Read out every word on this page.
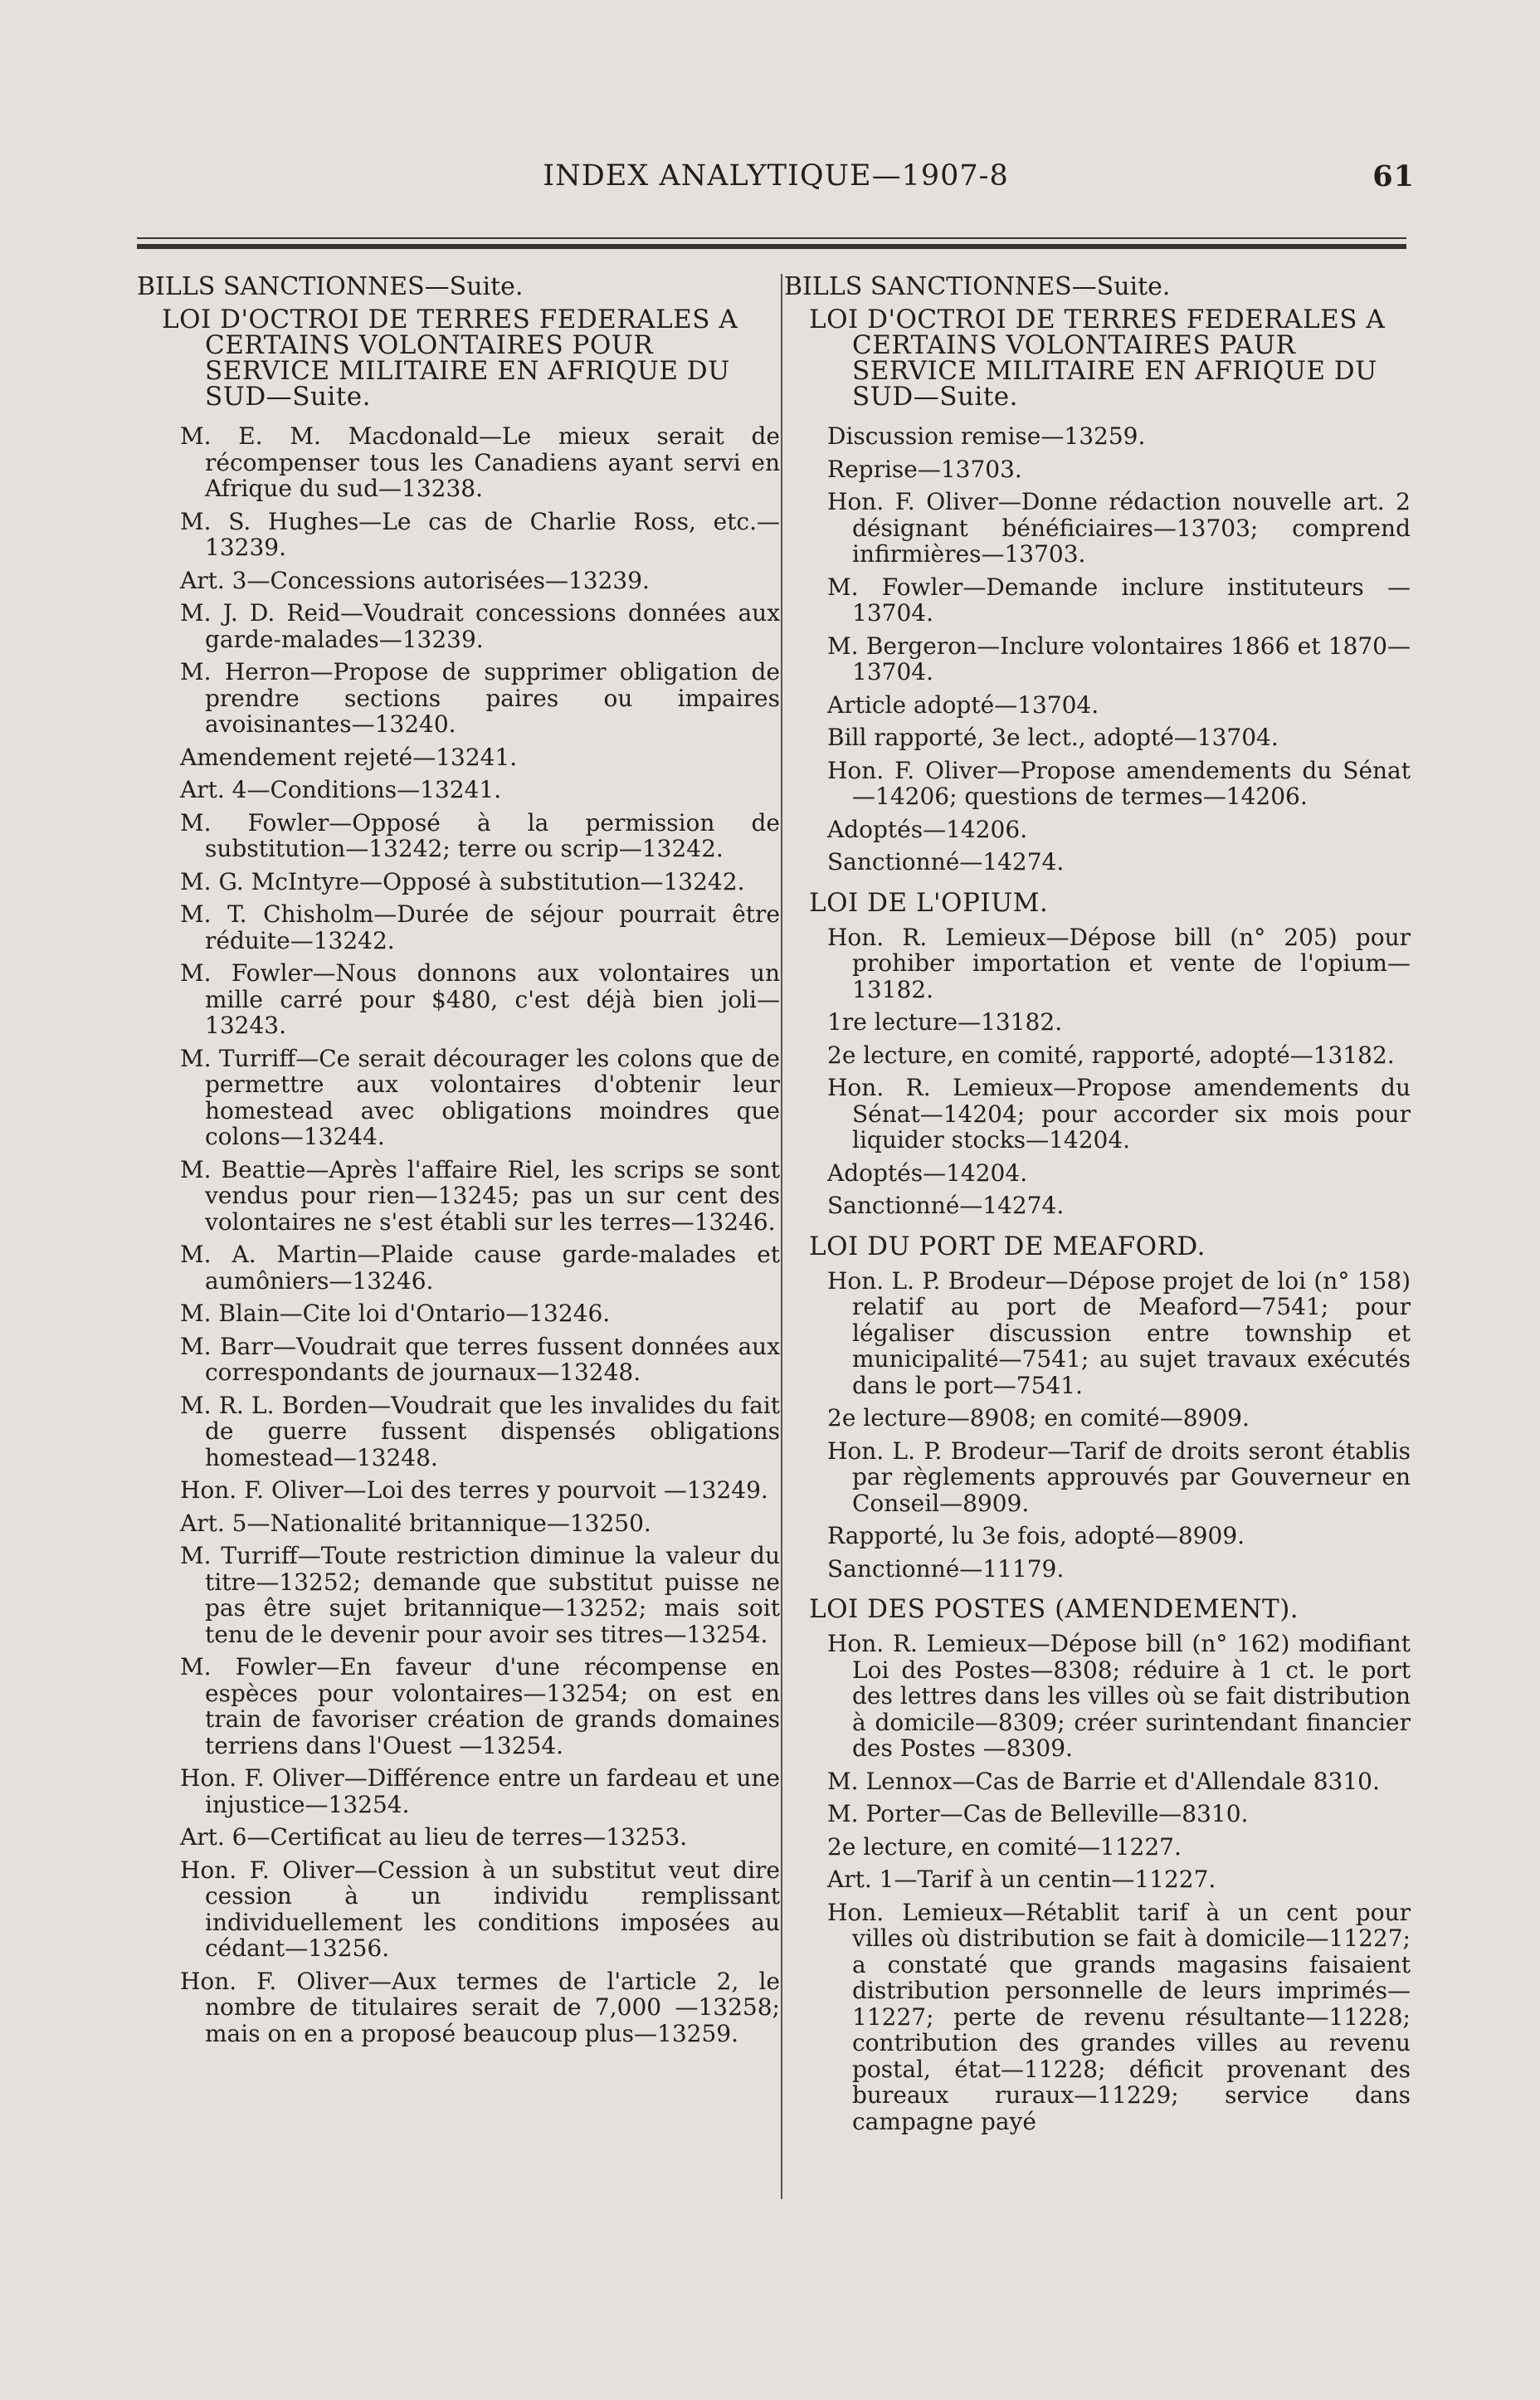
INDEX ANALYTIQUE—1907-8	61

BILLS SANCTIONNES—Suite.

LOI D'OCTROI DE TERRES FEDERALES A CERTAINS VOLONTAIRES POUR SERVICE MILITAIRE EN AFRIQUE DU SUD—Suite.

M. E. M. Macdonald—Le mieux serait de récompenser tous les Canadiens ayant servi en Afrique du sud—13238.
M. S. Hughes—Le cas de Charlie Ross, etc.—13239.
Art. 3—Concessions autorisées—13239.
M. J. D. Reid—Voudrait concessions données aux garde-malades—13239.
M. Herron—Propose de supprimer obligation de prendre sections paires ou impaires avoisinantes—13240.
Amendement rejeté—13241.
Art. 4—Conditions—13241.
M. Fowler—Opposé à la permission de substitution—13242; terre ou scrip—13242.
M. G. McIntyre—Opposé à substitution—13242.
M. T. Chisholm—Durée de séjour pourrait être réduite—13242.
M. Fowler—Nous donnons aux volontaires un mille carré pour $480, c'est déjà bien joli—13243.
M. Turriff—Ce serait décourager les colons que de permettre aux volontaires d'obtenir leur homestead avec obligations moindres que colons—13244.
M. Beattie—Après l'affaire Riel, les scrips se sont vendus pour rien—13245; pas un sur cent des volontaires ne s'est établi sur les terres—13246.
M. A. Martin—Plaide cause garde-malades et aumôniers—13246.
M. Blain—Cite loi d'Ontario—13246.
M. Barr—Voudrait que terres fussent données aux correspondants de journaux—13248.
M. R. L. Borden—Voudrait que les invalides du fait de guerre fussent dispensés obligations homestead—13248.
Hon. F. Oliver—Loi des terres y pourvoit —13249.
Art. 5—Nationalité britannique—13250.
M. Turriff—Toute restriction diminue la valeur du titre—13252; demande que substitut puisse ne pas être sujet britannique—13252; mais soit tenu de le devenir pour avoir ses titres—13254.
M. Fowler—En faveur d'une récompense en espèces pour volontaires—13254; on est en train de favoriser création de grands domaines terriens dans l'Ouest —13254.
Hon. F. Oliver—Différence entre un fardeau et une injustice—13254.
Art. 6—Certificat au lieu de terres—13253.
Hon. F. Oliver—Cession à un substitut veut dire cession à un individu remplissant individuellement les conditions imposées au cédant—13256.
Hon. F. Oliver—Aux termes de l'article 2, le nombre de titulaires serait de 7,000 —13258; mais on en a proposé beaucoup plus—13259.

BILLS SANCTIONNES—Suite.

LOI D'OCTROI DE TERRES FEDERALES A CERTAINS VOLONTAIRES PAUR SERVICE MILITAIRE EN AFRIQUE DU SUD—Suite.

Discussion remise—13259.
Reprise—13703.
Hon. F. Oliver—Donne rédaction nouvelle art. 2 désignant bénéficiaires—13703; comprend infirmières—13703.
M. Fowler—Demande inclure instituteurs —13704.
M. Bergeron—Inclure volontaires 1866 et 1870—13704.
Article adopté—13704.
Bill rapporté, 3e lect., adopté—13704.
Hon. F. Oliver—Propose amendements du Sénat—14206; questions de termes—14206.
Adoptés—14206.
Sanctionné—14274.

LOI DE L'OPIUM.

Hon. R. Lemieux—Dépose bill (n° 205) pour prohiber importation et vente de l'opium—13182.
1re lecture—13182.
2e lecture, en comité, rapporté, adopté—13182.
Hon. R. Lemieux—Propose amendements du Sénat—14204; pour accorder six mois pour liquider stocks—14204.
Adoptés—14204.
Sanctionné—14274.

LOI DU PORT DE MEAFORD.

Hon. L. P. Brodeur—Dépose projet de loi (n° 158) relatif au port de Meaford—7541; pour légaliser discussion entre township et municipalité—7541; au sujet travaux exécutés dans le port—7541.
2e lecture—8908; en comité—8909.
Hon. L. P. Brodeur—Tarif de droits seront établis par règlements approuvés par Gouverneur en Conseil—8909.
Rapporté, lu 3e fois, adopté—8909.
Sanctionné—11179.

LOI DES POSTES (AMENDEMENT).

Hon. R. Lemieux—Dépose bill (n° 162) modifiant Loi des Postes—8308; réduire à 1 ct. le port des lettres dans les villes où se fait distribution à domicile—8309; créer surintendant financier des Postes —8309.
M. Lennox—Cas de Barrie et d'Allendale 8310.
M. Porter—Cas de Belleville—8310.
2e lecture, en comité—11227.
Art. 1—Tarif à un centin—11227.
Hon. Lemieux—Rétablit tarif à un cent pour villes où distribution se fait à domicile—11227; a constaté que grands magasins faisaient distribution personnelle de leurs imprimés—11227; perte de revenu résultante—11228; contribution des grandes villes au revenu postal, état—11228; déficit provenant des bureaux ruraux—11229; service dans campagne payé
